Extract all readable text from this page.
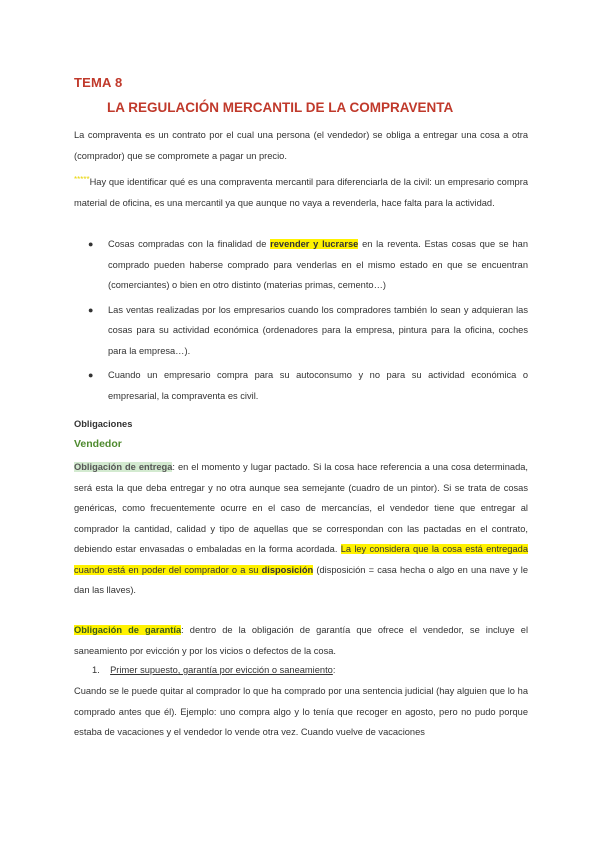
TEMA 8
LA REGULACIÓN MERCANTIL DE LA COMPRAVENTA
La compraventa es un contrato por el cual una persona (el vendedor) se obliga a entregar una cosa a otra (comprador) que se compromete a pagar un precio.
*****Hay que identificar qué es una compraventa mercantil para diferenciarla de la civil: un empresario compra material de oficina, es una mercantil ya que aunque no vaya a revenderla, hace falta para la actividad.
● Cosas compradas con la finalidad de revender y lucrarse en la reventa. Estas cosas que se han comprado pueden haberse comprado para venderlas en el mismo estado en que se encuentran (comerciantes) o bien en otro distinto (materias primas, cemento…)
● Las ventas realizadas por los empresarios cuando los compradores también lo sean y adquieran las cosas para su actividad económica (ordenadores para la empresa, pintura para la oficina, coches para la empresa…).
● Cuando un empresario compra para su autoconsumo y no para su actividad económica o empresarial, la compraventa es civil.
Obligaciones
Vendedor
Obligación de entrega: en el momento y lugar pactado. Si la cosa hace referencia a una cosa determinada, será esta la que deba entregar y no otra aunque sea semejante (cuadro de un pintor). Si se trata de cosas genéricas, como frecuentemente ocurre en el caso de mercancías, el vendedor tiene que entregar al comprador la cantidad, calidad y tipo de aquellas que se correspondan con las pactadas en el contrato, debiendo estar envasadas o embaladas en la forma acordada. La ley considera que la cosa está entregada cuando está en poder del comprador o a su disposición (disposición = casa hecha o algo en una nave y le dan las llaves).
Obligación de garantía: dentro de la obligación de garantía que ofrece el vendedor, se incluye el saneamiento por evicción y por los vicios o defectos de la cosa.
1. Primer supuesto, garantía por evicción o saneamiento:
Cuando se le puede quitar al comprador lo que ha comprado por una sentencia judicial (hay alguien que lo ha comprado antes que él). Ejemplo: uno compra algo y lo tenía que recoger en agosto, pero no pudo porque estaba de vacaciones y el vendedor lo vende otra vez. Cuando vuelve de vacaciones
